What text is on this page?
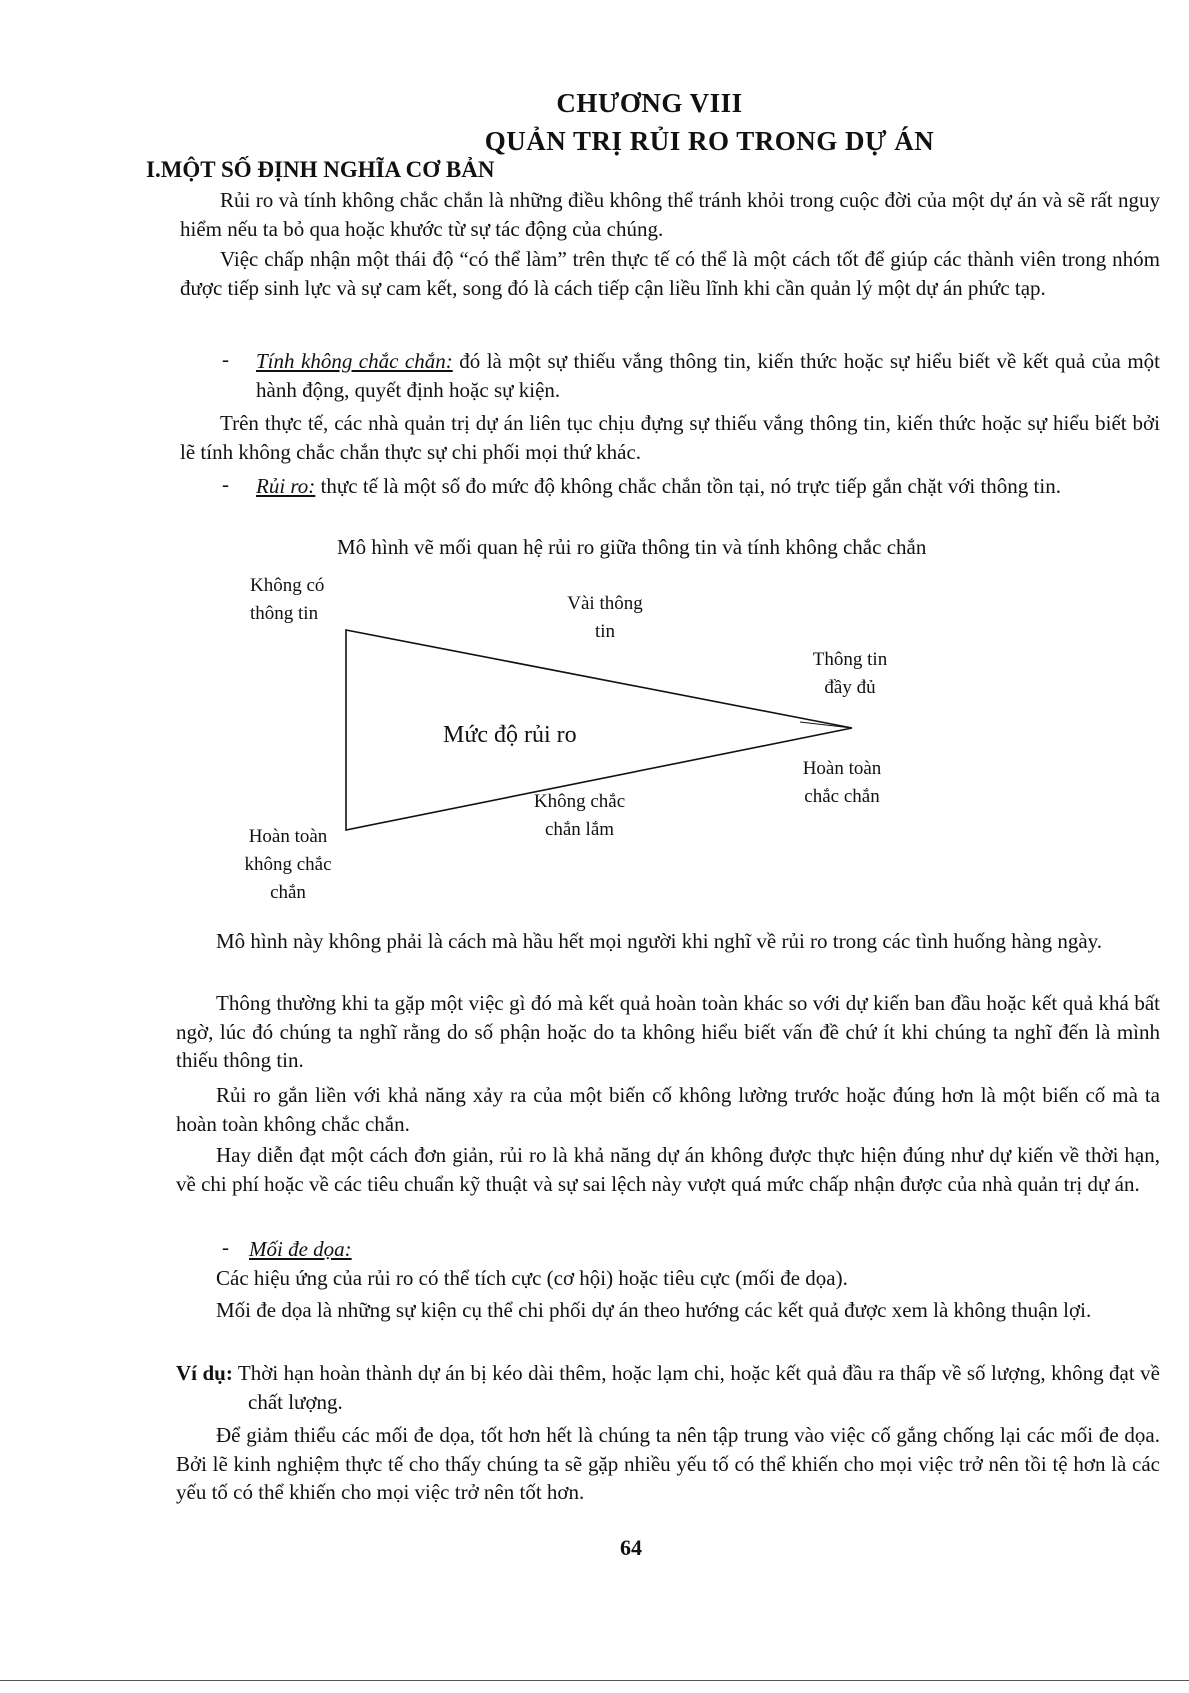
CHƯƠNG VIII
QUẢN TRỊ RỦI RO TRONG DỰ ÁN
I.MỘT SỐ ĐỊNH NGHĨA CƠ BẢN

Rủi ro và tính không chắc chắn là những điều không thể tránh khỏi trong cuộc đời của một dự án và sẽ rất nguy hiểm nếu ta bỏ qua hoặc khước từ sự tác động của chúng.

Việc chấp nhận một thái độ “có thể làm” trên thực tế có thể là một cách tốt để giúp các thành viên trong nhóm được tiếp sinh lực và sự cam kết, song đó là cách tiếp cận liều lĩnh khi cần quản lý một dự án phức tạp.

- Tính không chắc chắn: đó là một sự thiếu vắng thông tin, kiến thức hoặc sự hiểu biết về kết quả của một hành động, quyết định hoặc sự kiện.

Trên thực tế, các nhà quản trị dự án liên tục chịu đựng sự thiếu vắng thông tin, kiến thức hoặc sự hiểu biết bởi lẽ tính không chắc chắn thực sự chi phối mọi thứ khác.

- Rủi ro: thực tế là một số đo mức độ không chắc chắn tồn tại, nó trực tiếp gắn chặt với thông tin.

Mô hình vẽ mối quan hệ rủi ro giữa thông tin và tính không chắc chắn
Không có thông tin	Vài thông tin
Thông tin đầy đủ
Mức độ rủi ro
Hoàn toàn chắc chắn
Không chắc chắn lắm
Hoàn toàn không chắc chắn

Mô hình này không phải là cách mà hầu hết mọi người khi nghĩ về rủi ro trong các tình huống hàng ngày.

Thông thường khi ta gặp một việc gì đó mà kết quả hoàn toàn khác so với dự kiến ban đầu hoặc kết quả khá bất ngờ, lúc đó chúng ta nghĩ rằng do số phận hoặc do ta không hiểu biết vấn đề chứ ít khi chúng ta nghĩ đến là mình thiếu thông tin.

Rủi ro gắn liền với khả năng xảy ra của một biến cố không lường trước hoặc đúng hơn là một biến cố mà ta hoàn toàn không chắc chắn.

Hay diễn đạt một cách đơn giản, rủi ro là khả năng dự án không được thực hiện đúng như dự kiến về thời hạn, về chi phí hoặc về các tiêu chuẩn kỹ thuật và sự sai lệch này vượt quá mức chấp nhận được của nhà quản trị dự án.

- Mối đe dọa:

Các hiệu ứng của rủi ro có thể tích cực (cơ hội) hoặc tiêu cực (mối đe dọa).

Mối đe dọa là những sự kiện cụ thể chi phối dự án theo hướng các kết quả được xem là không thuận lợi.

Ví dụ: Thời hạn hoàn thành dự án bị kéo dài thêm, hoặc lạm chi, hoặc kết quả đầu ra thấp về số lượng, không đạt về chất lượng.

Để giảm thiểu các mối đe dọa, tốt hơn hết là chúng ta nên tập trung vào việc cố gắng chống lại các mối đe dọa. Bởi lẽ kinh nghiệm thực tế cho thấy chúng ta sẽ gặp nhiều yếu tố có thể khiến cho mọi việc trở nên tồi tệ hơn là các yếu tố có thể khiến cho mọi việc trở nên tốt hơn.

64
